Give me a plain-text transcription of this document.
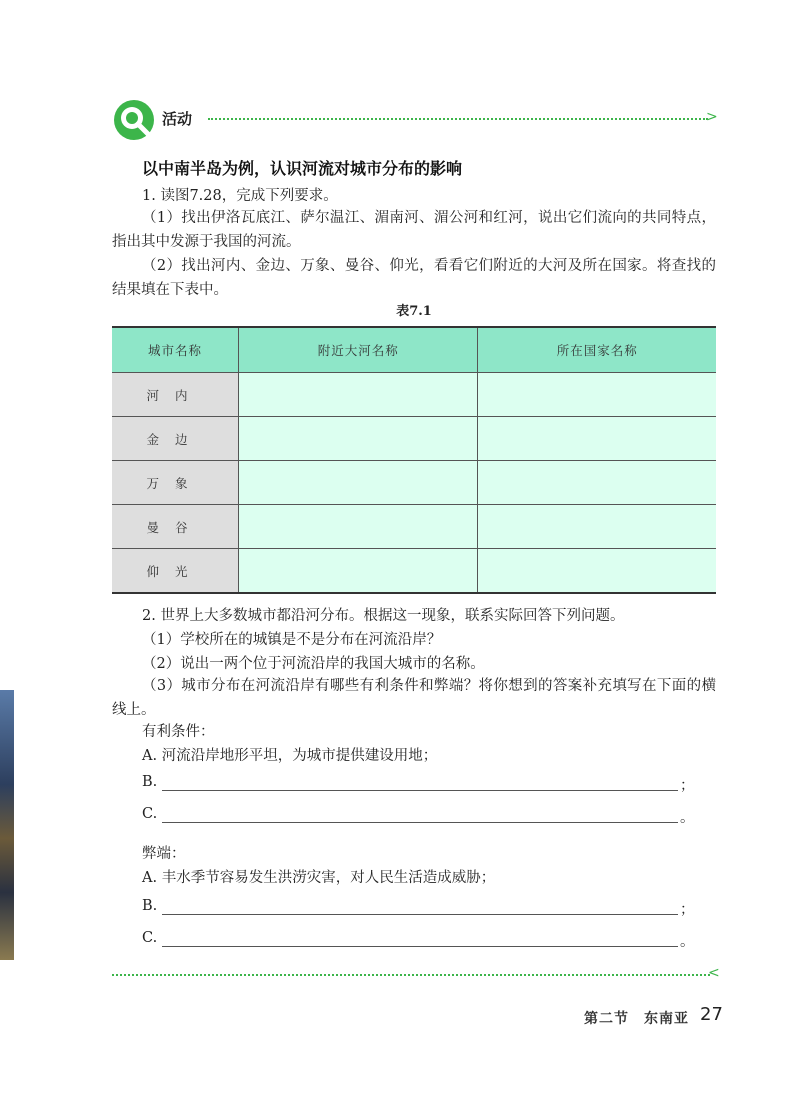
活动	>
以中南半岛为例，认识河流对城市分布的影响
1. 读图7.28，完成下列要求。
（1）找出伊洛瓦底江、萨尔温江、湄南河、湄公河和红河，说出它们流向的共同特点，指出其中发源于我国的河流。
（2）找出河内、金边、万象、曼谷、仰光，看看它们附近的大河及所在国家。将查找的结果填在下表中。
表7.1
城市名称	附近大河名称	所在国家名称
河内		
金边		
万象		
曼谷		
仰光		
2. 世界上大多数城市都沿河分布。根据这一现象，联系实际回答下列问题。
（1）学校所在的城镇是不是分布在河流沿岸？
（2）说出一两个位于河流沿岸的我国大城市的名称。
（3）城市分布在河流沿岸有哪些有利条件和弊端？将你想到的答案补充填写在下面的横线上。
有利条件：
A. 河流沿岸地形平坦，为城市提供建设用地；
B.	；
C.	。
弊端：
A. 丰水季节容易发生洪涝灾害，对人民生活造成威胁；
B.	；
C.	。
<
第二节　东南亚 27
